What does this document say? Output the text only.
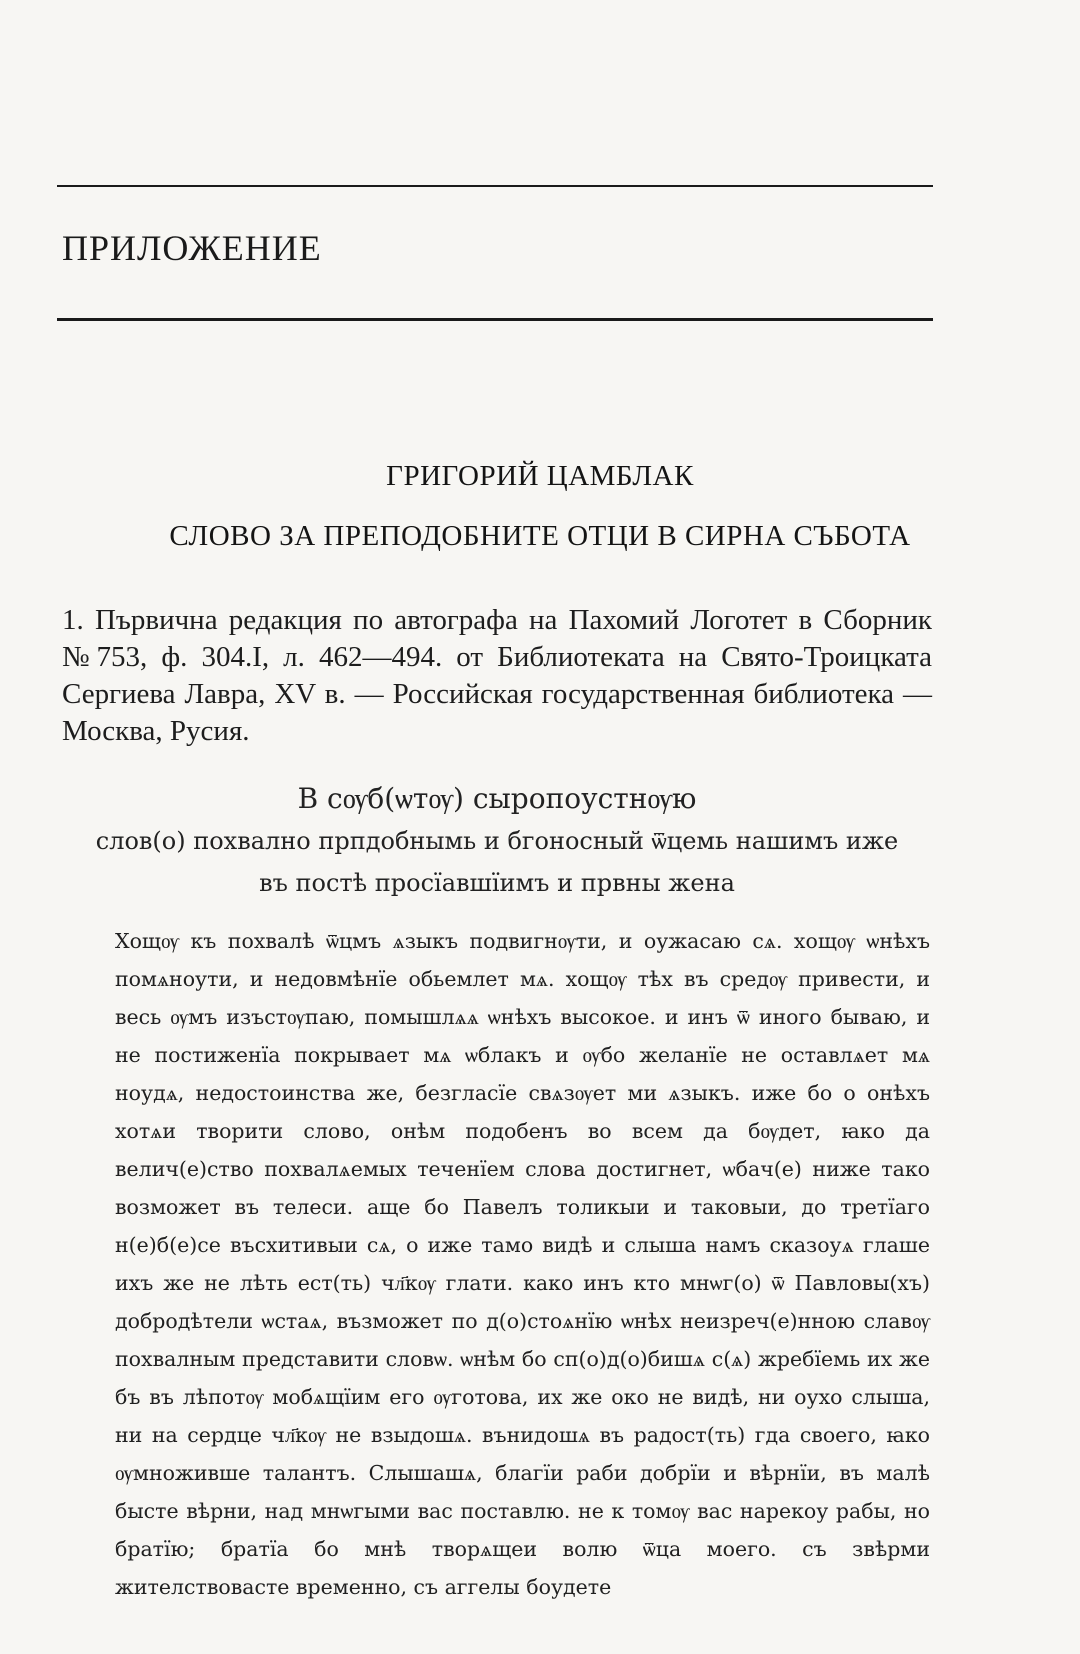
ПРИЛОЖЕНИЕ
ГРИГОРИЙ ЦАМБЛАК
СЛОВО ЗА ПРЕПОДОБНИТЕ ОТЦИ В СИРНА СЪБОТА
1. Първична редакция по автографа на Пахомий Логотет в Сборник №753, ф. 304.I, л. 462—494. от Библиотеката на Свято-Троицката Сергиева Лавра, XV в. — Российская государственная библиотека — Москва, Русия.
В сѹб(ѡтѹ) сыропоустнѹю
слов(о) похвално прпдобнымь и бгоносный ѿцемь нашимъ иже
въ постѣ просїавшїимъ и првны жена

Хощѹ къ похвалѣ ѿцмъ ѧзыкъ подвигнѹти, и оужасаю сѧ. хощѹ ѡнѣхъ помѧноути, и недовмѣнїе обьемлет мѧ. хощѹ тѣх въ средѹ привести, и весь ѹмъ изъстѹпаю, помышлѧѧ ѡнѣхъ высокое. и инъ ѿ иного бываю, и не постиженїа покрывает мѧ ѡблакъ и ѹбо желанїе не оставлѧет мѧ ноудѧ, недостоинства же, безгласїе свѧзѹет ми ѧзыкъ. иже бо о онѣхъ хотѧи творити слово, онѣм подобенъ во всем да бѹдет, ꙗко да велич(е)ство похвалѧемыx теченїем слова достигнет, ѡбач(е) ниже тако возможет въ телеси. аще бо Павелъ толикыи и таковыи, до третїаго н(е)б(е)се въсхитивыи сѧ, о иже тамо видѣ и слыша намъ сказоуѧ глаше ихъ же не лѣть ест(ть) чл҃кѹ глати. како инъ кто мнѡг(о) ѿ Павловы(хъ) добродѣтели ѡстаѧ, възможет по д(о)стоѧнїю ѡнѣх неизреч(е)нною славѹ похвалным представити словѡ. ѡнѣм бо сп(о)д(о)бишѧ с(ѧ) жребїемь их же бъ въ лѣпотѹ мобѧщїим его ѹготова, их же око не видѣ, ни оухо слыша, ни на сердце чл҃кѹ не взыдошѧ. вънидошѧ въ радост(ть) гда своего, ꙗко ѹмноживше талантъ. Слышашѧ, благїи раби добрїи и вѣрнїи, въ малѣ бысте вѣрни, над мнѡгыми вас поставлю. не к томѹ вас нарекоу рабы, но братїю; братїа бо мнѣ творѧщеи волю ѿца моего. съ звѣрми жителствовасте временно, съ аггелы боудете
